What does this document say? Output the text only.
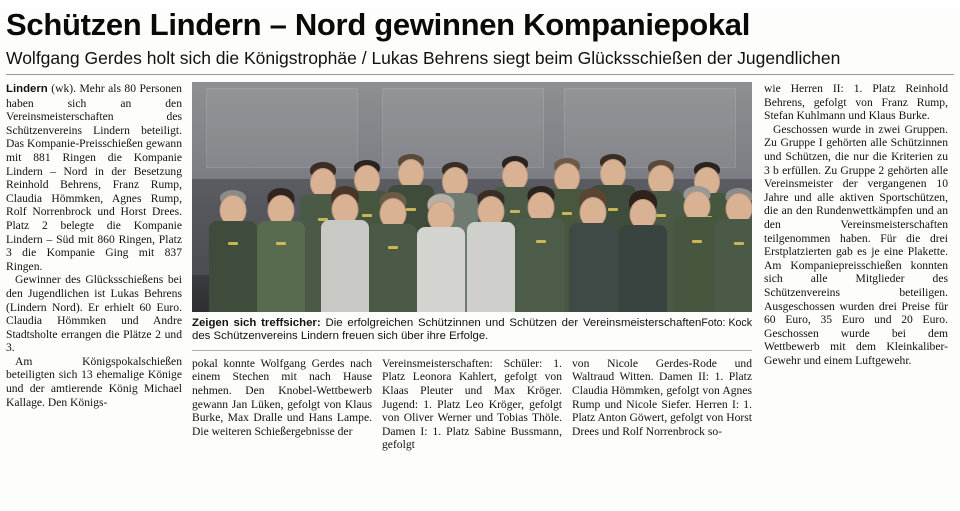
Schützen Lindern – Nord gewinnen Kompaniepokal
Wolfgang Gerdes holt sich die Königstrophäe / Lukas Behrens siegt beim Glücksschießen der Jugendlichen

Lindern (wk). Mehr als 80 Personen haben sich an den Vereinsmeisterschaften des Schützenvereins Lindern beteiligt. Das Kompanie-Preisschießen gewann mit 881 Ringen die Kompanie Lindern – Nord in der Besetzung Reinhold Behrens, Franz Rump, Claudia Hömmken, Agnes Rump, Rolf Norrenbrock und Horst Drees. Platz 2 belegte die Kompanie Lindern – Süd mit 860 Ringen, Platz 3 die Kompanie Ging mit 837 Ringen.

Gewinner des Glücksschießens bei den Jugendlichen ist Lukas Behrens (Lindern Nord). Er erhielt 60 Euro. Claudia Hömmken und Andre Stadtsholte errangen die Plätze 2 und 3.

Am Königspokalschießen beteiligten sich 13 ehemalige Könige und der amtierende König Michael Kallage. Den Königs-

Foto: Kock
Zeigen sich treffsicher: Die erfolgreichen Schützinnen und Schützen der Vereinsmeisterschaften des Schützenvereins Lindern freuen sich über ihre Erfolge.

pokal konnte Wolfgang Gerdes nach einem Stechen mit nach Hause nehmen. Den Knobel-Wettbewerb gewann Jan Lüken, gefolgt von Klaus Burke, Max Dralle und Hans Lampe. Die weiteren Schießergebnisse der

Vereinsmeisterschaften: Schüler: 1. Platz Leonora Kahlert, gefolgt von Klaas Pleuter und Max Kröger. Jugend: 1. Platz Leo Kröger, gefolgt von Oliver Werner und Tobias Thöle. Damen I: 1. Platz Sabine Bussmann, gefolgt

von Nicole Gerdes-Rode und Waltraud Witten. Damen II: 1. Platz Claudia Hömmken, gefolgt von Agnes Rump und Nicole Siefer. Herren I: 1. Platz Anton Göwert, gefolgt von Horst Drees und Rolf Norrenbrock so-

wie Herren II: 1. Platz Reinhold Behrens, gefolgt von Franz Rump, Stefan Kuhlmann und Klaus Burke.

Geschossen wurde in zwei Gruppen. Zu Gruppe I gehörten alle Schützinnen und Schützen, die nur die Kriterien zu 3 b erfüllen. Zu Gruppe 2 gehörten alle Vereinsmeister der vergangenen 10 Jahre und alle aktiven Sportschützen, die an den Rundenwettkämpfen und an den Vereinsmeisterschaften teilgenommen haben. Für die drei Erstplatzierten gab es je eine Plakette. Am Kompaniepreisschießen konnten sich alle Mitglieder des Schützenvereins beteiligen. Ausgeschossen wurden drei Preise für 60 Euro, 35 Euro und 20 Euro. Geschossen wurde bei dem Wettbewerb mit dem Kleinkaliber-Gewehr und einem Luftgewehr.
